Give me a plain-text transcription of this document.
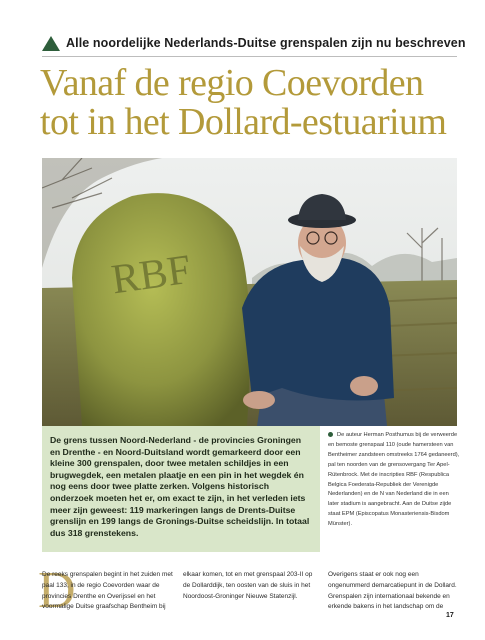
Alle noordelijke Nederlands-Duitse grenspalen zijn nu beschreven
Vanaf de regio Coevorden
tot in het Dollard-estuarium
RBF
De grens tussen Noord-Nederland - de provincies Groningen en Drenthe - en Noord-Duitsland wordt gemarkeerd door een kleine 300 grenspalen, door twee metalen schildjes in een brugwegdek, een metalen plaatje en een pin in het wegdek én nog eens door twee platte zerken. Volgens historisch onderzoek moeten het er, om exact te zijn, in het verleden iets meer zijn geweest: 119 markeringen langs de Drents-Duitse grenslijn en 199 langs de Gronings-Duitse scheidslijn. In totaal dus 318 grenstekens.
De auteur Herman Posthumus bij de verweerde en bemoste grenspaal 110 (oude hamersteen van Bentheimer zandsteen omstreeks 1764 gedaneerd), pal ten noorden van de grensovergang Ter Apel-Rütenbrock. Met de inscripties RBF (Respublica Belgica Foederata-Republiek der Verenigde Nederlanden) en de N van Nederland die in een later stadium is aangebracht. Aan de Duitse zijde staat EPM (Episcopatus Monasteriensis-Bisdom Münster).
D
De reeks grenspalen begint in het zuiden met paal 133, in de regio Coevorden waar de provincies Drenthe en Overijssel en het voormalige Duitse graafschap Bentheim bij
elkaar komen, tot en met grenspaal 203-II op de Dollarddijk, ten oosten van de sluis in het Noordoost-Groninger Nieuwe Statenzijl.
Overigens staat er ook nog een ongenummerd demarcatiepunt in de Dollard. Grenspalen zijn internationaal bekende en erkende bakens in het landschap om de
17
